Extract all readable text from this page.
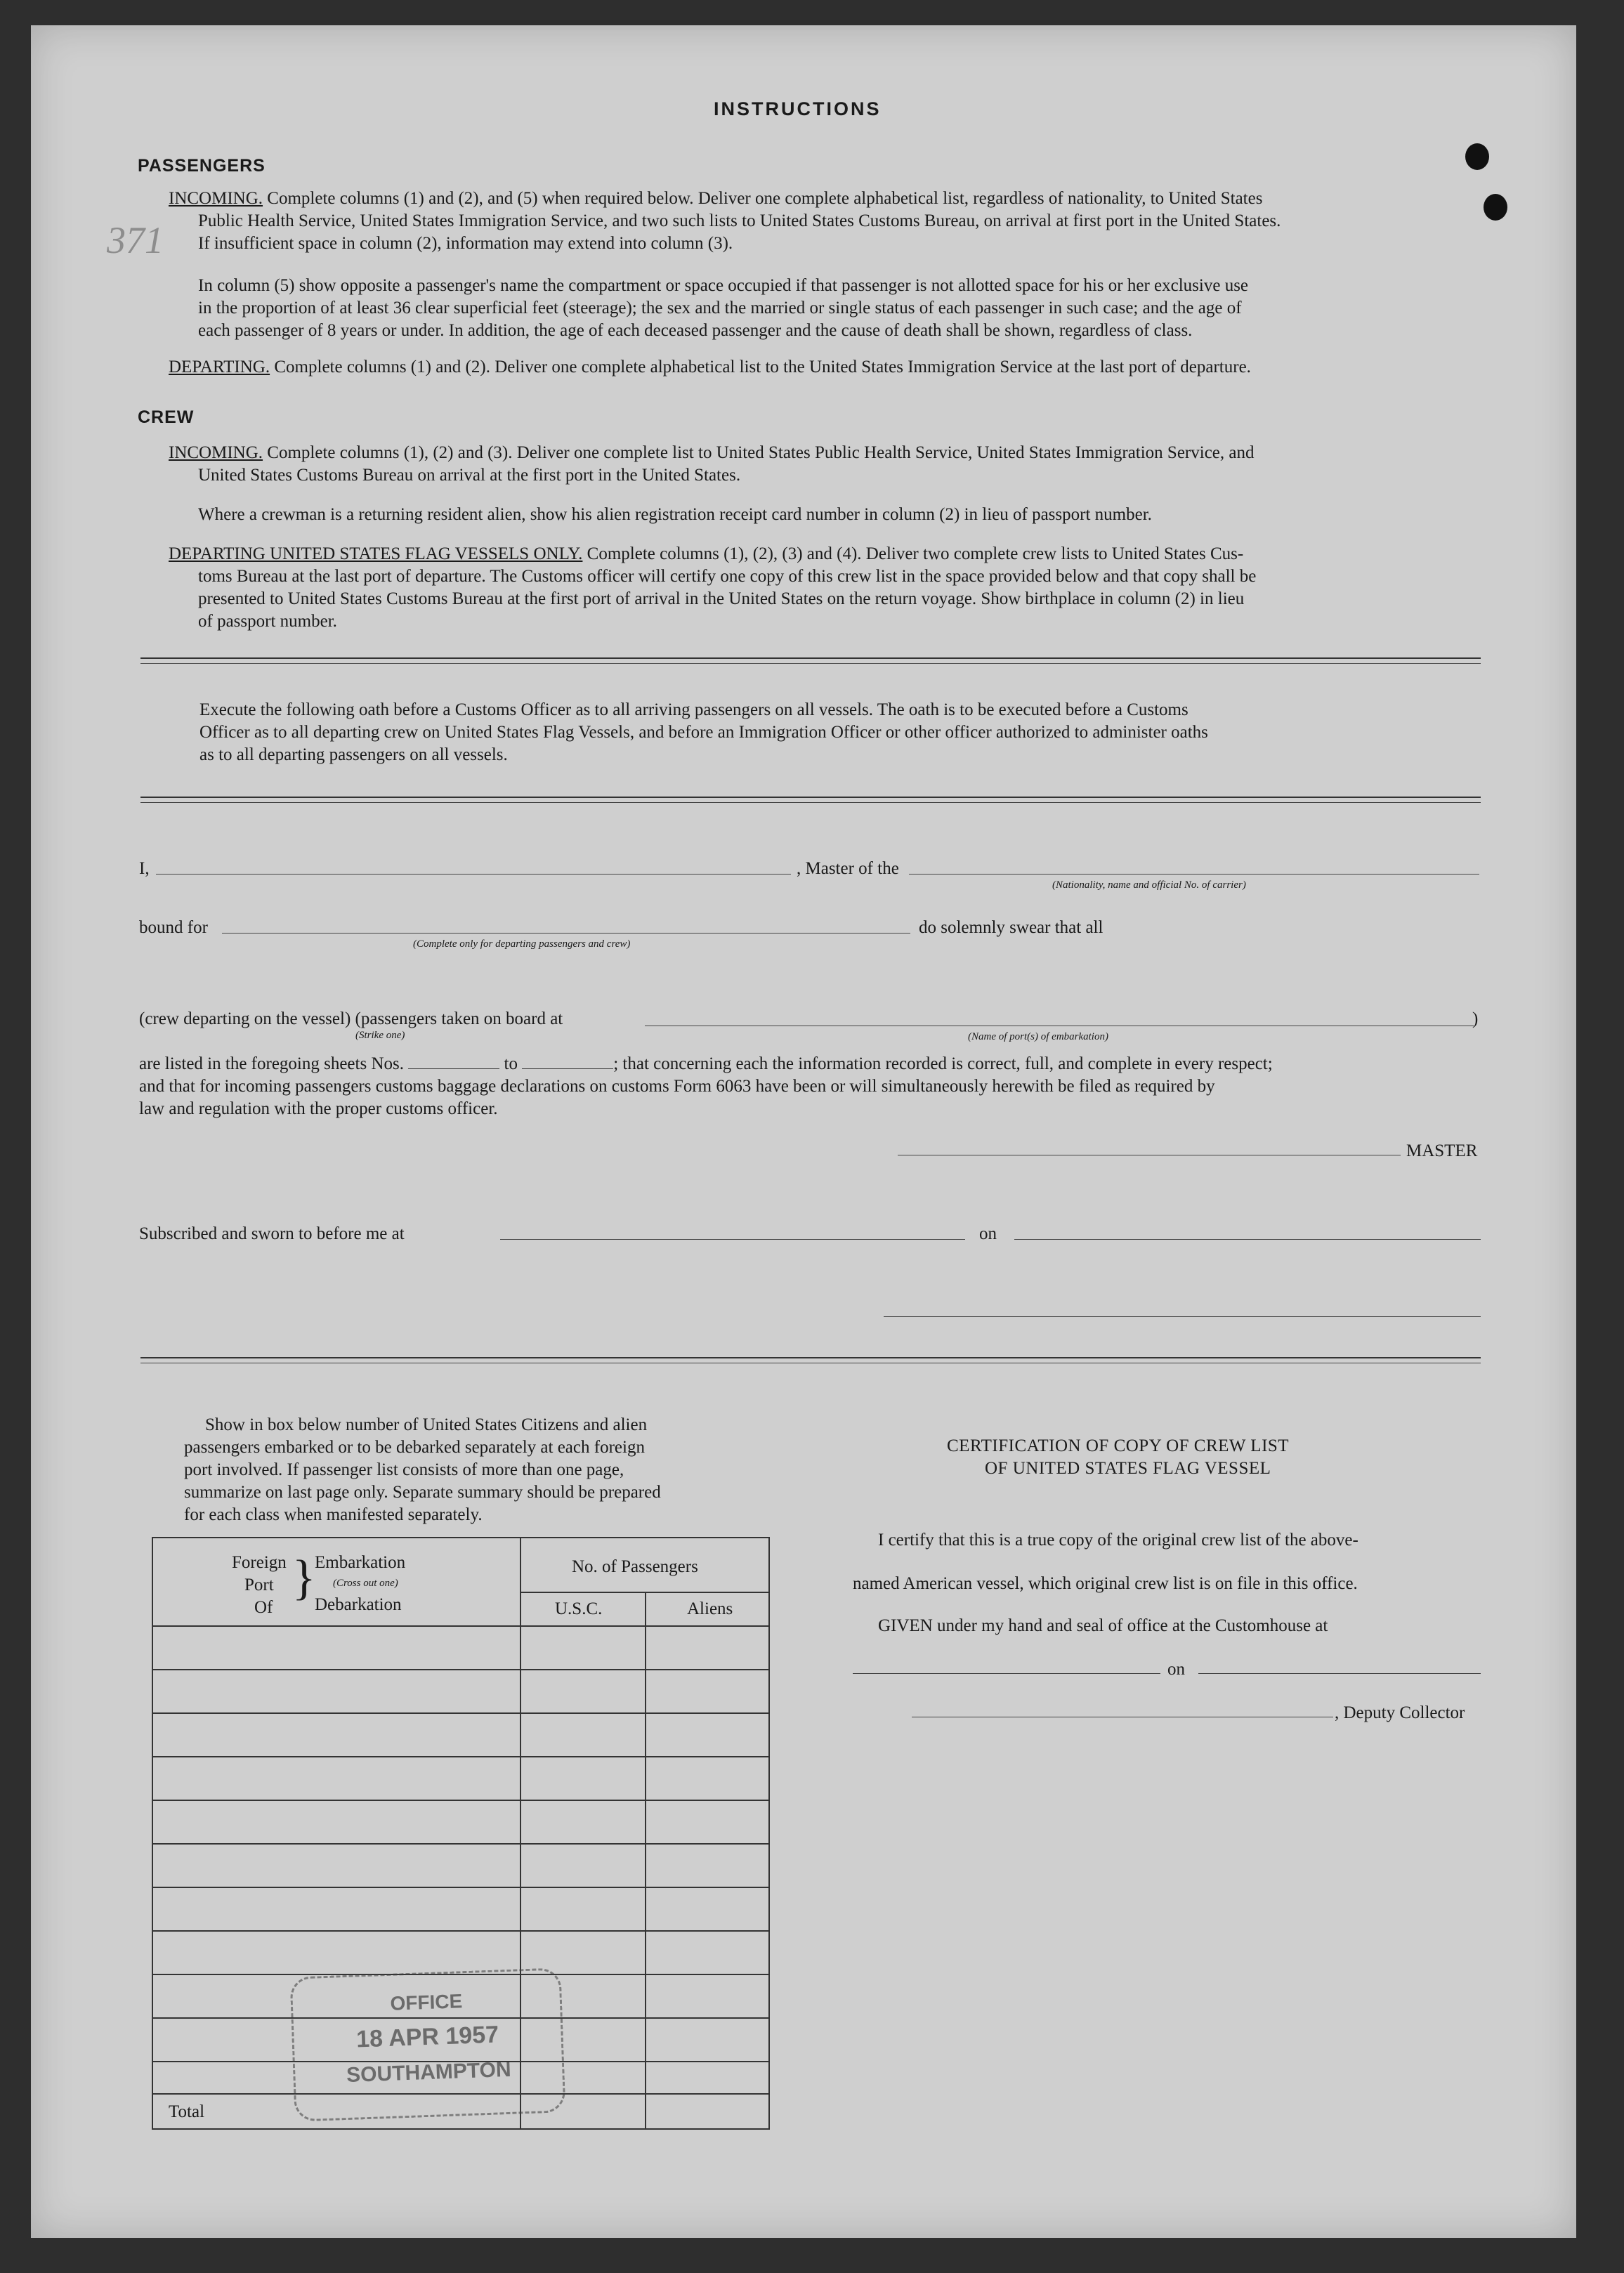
371
INSTRUCTIONS
PASSENGERS
INCOMING. Complete columns (1) and (2), and (5) when required below. Deliver one complete alphabetical list, regardless of nationality, to United States
Public Health Service, United States Immigration Service, and two such lists to United States Customs Bureau, on arrival at first port in the United States.
If insufficient space in column (2), information may extend into column (3).
In column (5) show opposite a passenger's name the compartment or space occupied if that passenger is not allotted space for his or her exclusive use
in the proportion of at least 36 clear superficial feet (steerage); the sex and the married or single status of each passenger in such case; and the age of
each passenger of 8 years or under. In addition, the age of each deceased passenger and the cause of death shall be shown, regardless of class.
DEPARTING. Complete columns (1) and (2). Deliver one complete alphabetical list to the United States Immigration Service at the last port of departure.
CREW
INCOMING. Complete columns (1), (2) and (3). Deliver one complete list to United States Public Health Service, United States Immigration Service, and
United States Customs Bureau on arrival at the first port in the United States.
Where a crewman is a returning resident alien, show his alien registration receipt card number in column (2) in lieu of passport number.
DEPARTING UNITED STATES FLAG VESSELS ONLY. Complete columns (1), (2), (3) and (4). Deliver two complete crew lists to United States Cus-
toms Bureau at the last port of departure. The Customs officer will certify one copy of this crew list in the space provided below and that copy shall be
presented to United States Customs Bureau at the first port of arrival in the United States on the return voyage. Show birthplace in column (2) in lieu
of passport number.
Execute the following oath before a Customs Officer as to all arriving passengers on all vessels. The oath is to be executed before a Customs
Officer as to all departing crew on United States Flag Vessels, and before an Immigration Officer or other officer authorized to administer oaths
as to all departing passengers on all vessels.
I,	, Master of the
(Nationality, name and official No. of carrier)
bound for
(Complete only for departing passengers and crew)
do solemnly swear that all
(crew departing on the vessel) (passengers taken on board at
(Strike one)	(Name of port(s) of embarkation)
)
are listed in the foregoing sheets Nos.	to	; that concerning each the information recorded is correct, full, and complete in every respect;
and that for incoming passengers customs baggage declarations on customs Form 6063 have been or will simultaneously herewith be filed as required by
law and regulation with the proper customs officer.
MASTER
Subscribed and sworn to before me at	on
Show in box below number of United States Citizens and alien
passengers embarked or to be debarked separately at each foreign
port involved. If passenger list consists of more than one page,
summarize on last page only. Separate summary should be prepared
for each class when manifested separately.
Foreign
Port
Of
}
Embarkation
(Cross out one)
Debarkation
No. of Passengers
U.S.C.	Aliens
Total
CERTIFICATION OF COPY OF CREW LIST
OF UNITED STATES FLAG VESSEL
I certify that this is a true copy of the original crew list of the above-
named American vessel, which original crew list is on file in this office.
GIVEN under my hand and seal of office at the Customhouse at
on
, Deputy Collector
OFFICE
18 APR 1957
SOUTHAMPTON
